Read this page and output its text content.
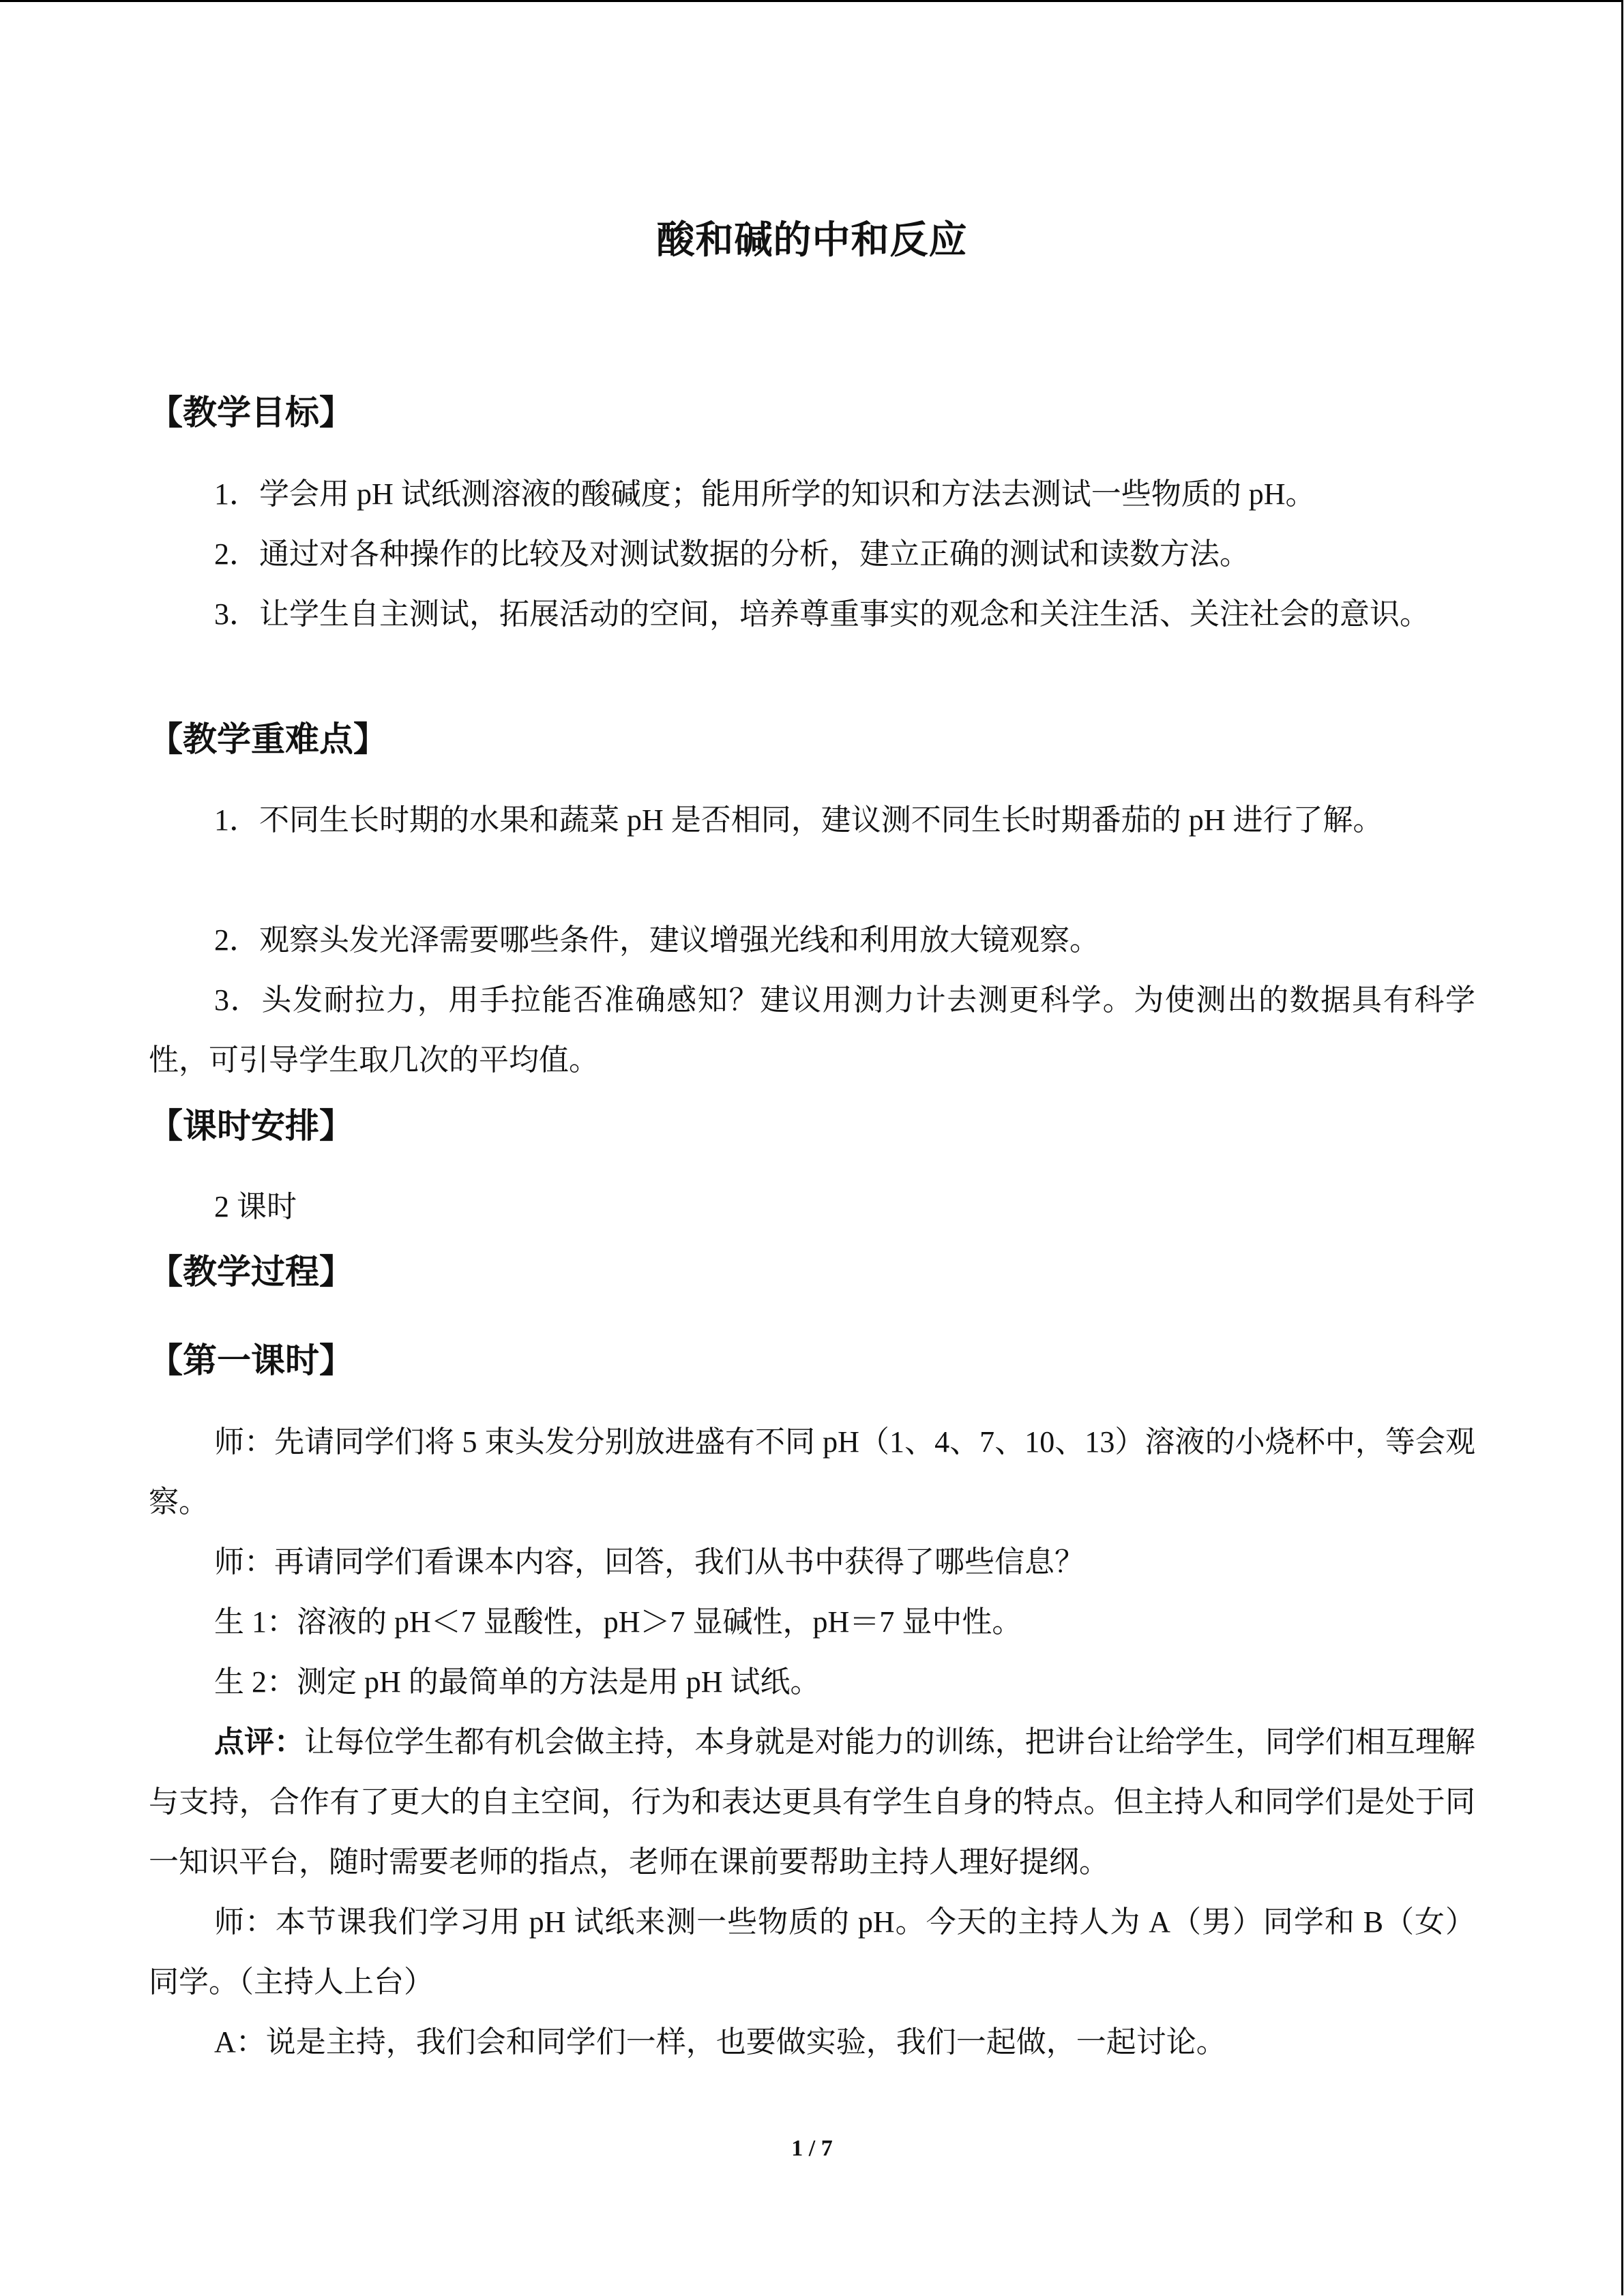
酸和碱的中和反应
【教学目标】
1．学会用 pH 试纸测溶液的酸碱度；能用所学的知识和方法去测试一些物质的 pH。
2．通过对各种操作的比较及对测试数据的分析，建立正确的测试和读数方法。
3．让学生自主测试，拓展活动的空间，培养尊重事实的观念和关注生活、关注社会的意识。
【教学重难点】
1．不同生长时期的水果和蔬菜 pH 是否相同，建议测不同生长时期番茄的 pH 进行了解。
2．观察头发光泽需要哪些条件，建议增强光线和利用放大镜观察。
3．头发耐拉力，用手拉能否准确感知？建议用测力计去测更科学。为使测出的数据具有科学性，可引导学生取几次的平均值。
【课时安排】
2 课时
【教学过程】
【第一课时】
师：先请同学们将 5 束头发分别放进盛有不同 pH（1、4、7、10、13）溶液的小烧杯中，等会观察。
师：再请同学们看课本内容，回答，我们从书中获得了哪些信息？
生 1：溶液的 pH＜7 显酸性，pH＞7 显碱性，pH＝7 显中性。
生 2：测定 pH 的最简单的方法是用 pH 试纸。
点评：让每位学生都有机会做主持，本身就是对能力的训练，把讲台让给学生，同学们相互理解与支持，合作有了更大的自主空间，行为和表达更具有学生自身的特点。但主持人和同学们是处于同一知识平台，随时需要老师的指点，老师在课前要帮助主持人理好提纲。
师：本节课我们学习用 pH 试纸来测一些物质的 pH。今天的主持人为 A（男）同学和 B（女）同学。（主持人上台）
A：说是主持，我们会和同学们一样，也要做实验，我们一起做，一起讨论。
1 / 7
